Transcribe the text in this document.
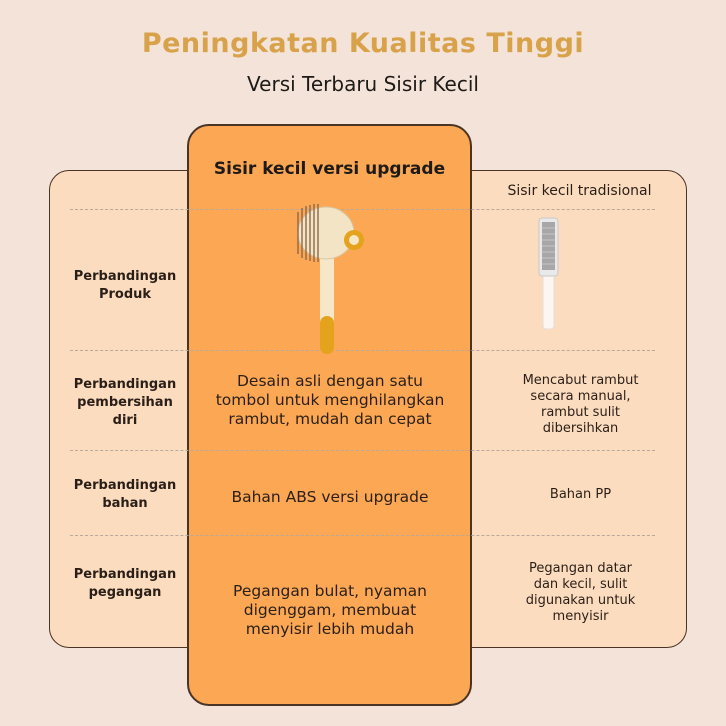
Peningkatan Kualitas Tinggi
Versi Terbaru Sisir Kecil
Sisir kecil versi upgrade
Sisir kecil tradisional
Perbandingan
Produk
Perbandingan
pembersihan
diri
Perbandingan
bahan
Perbandingan
pegangan
Desain asli dengan satu
tombol untuk menghilangkan
rambut, mudah dan cepat
Bahan ABS versi upgrade
Pegangan bulat, nyaman
digenggam, membuat
menyisir lebih mudah
Mencabut rambut
secara manual,
rambut sulit
dibersihkan
Bahan PP
Pegangan datar
dan kecil, sulit
digunakan untuk
menyisir
